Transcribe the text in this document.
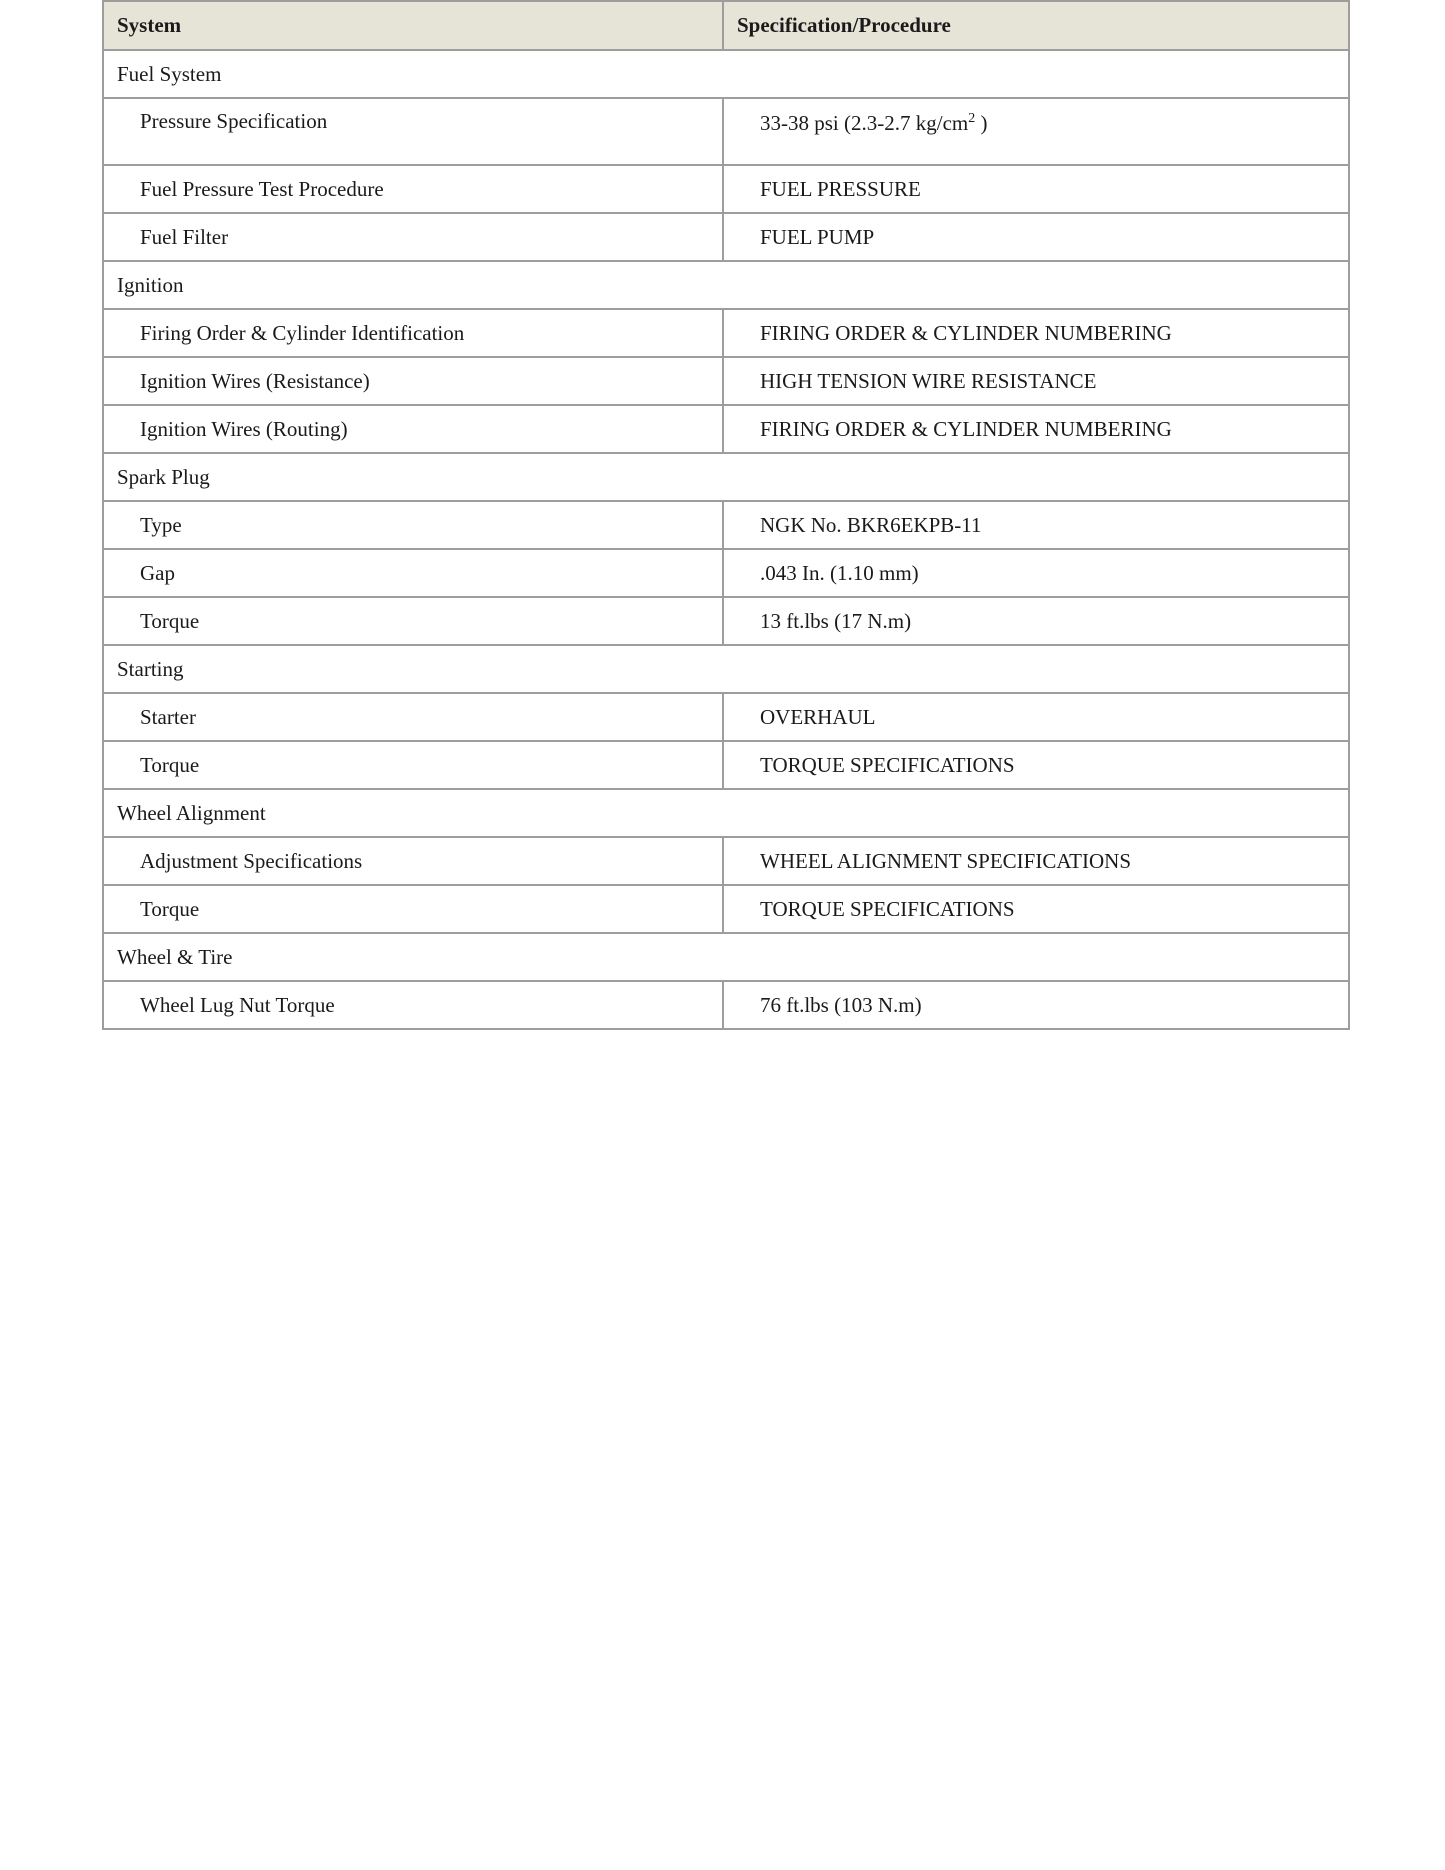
System	Specification/Procedure
Fuel System	
Pressure Specification	33-38 psi (2.3-2.7 $kg/cm^2$ )
Fuel Pressure Test Procedure	FUEL PRESSURE
Fuel Filter	FUEL PUMP
Ignition	
Firing Order & Cylinder Identification	FIRING ORDER & CYLINDER NUMBERING
Ignition Wires (Resistance)	HIGH TENSION WIRE RESISTANCE
Ignition Wires (Routing)	FIRING ORDER & CYLINDER NUMBERING
Spark Plug	
Type	NGK No. BKR6EKPB-11
Gap	.043 In. (1.10 mm)
Torque	13 ft.lbs (17 N.m)
Starting	
Starter	OVERHAUL
Torque	TORQUE SPECIFICATIONS
Wheel Alignment	
Adjustment Specifications	WHEEL ALIGNMENT SPECIFICATIONS
Torque	TORQUE SPECIFICATIONS
Wheel & Tire	
Wheel Lug Nut Torque	76 ft.lbs (103 N.m)
